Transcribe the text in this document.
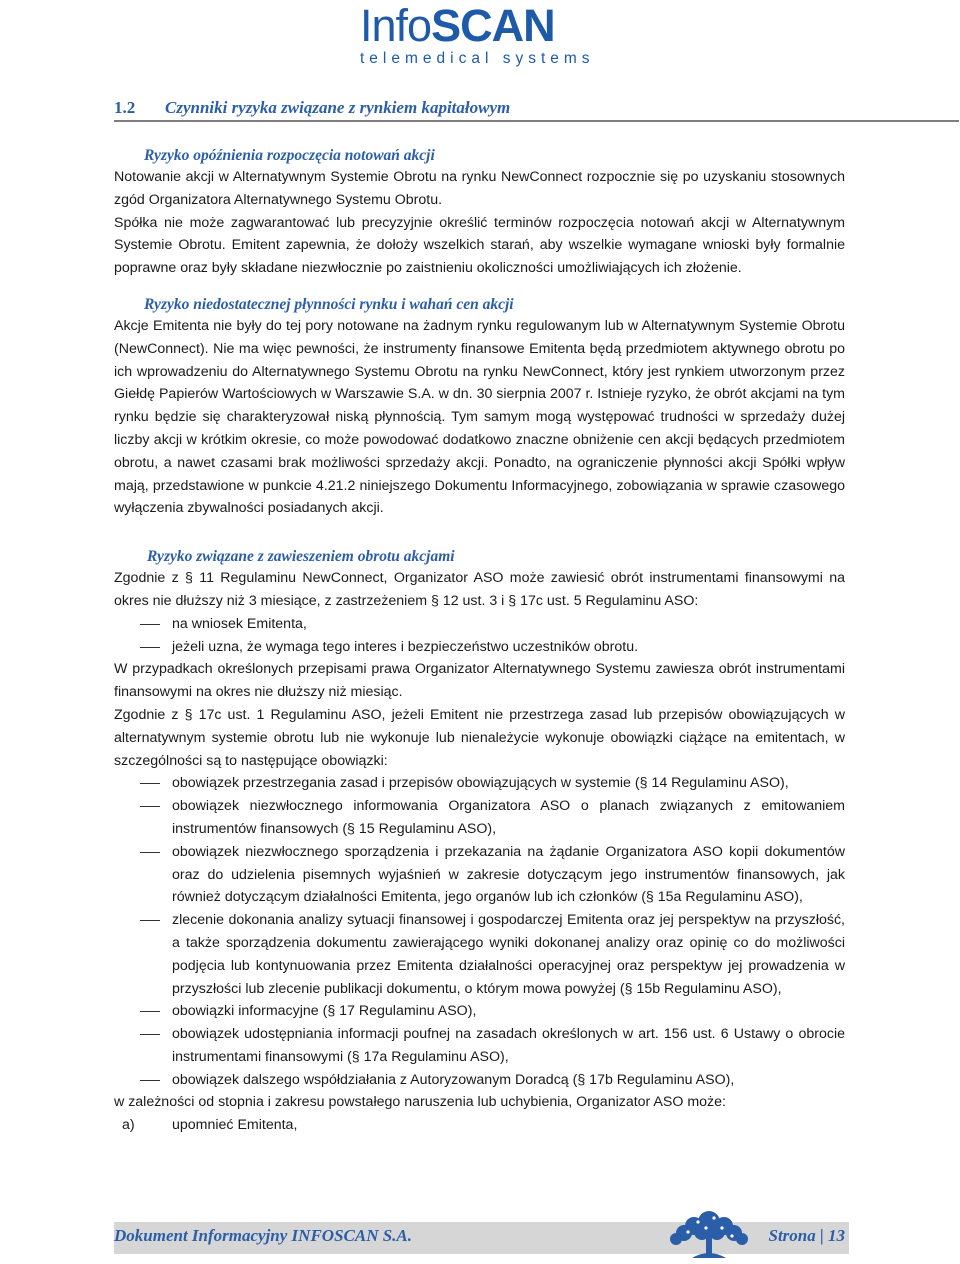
InfoSCAN
telemedical systems
1.2 Czynniki ryzyka związane z rynkiem kapitałowym
Ryzyko opóźnienia rozpoczęcia notowań akcji

Notowanie akcji w Alternatywnym Systemie Obrotu na rynku NewConnect rozpocznie się po uzyskaniu stosownych zgód Organizatora Alternatywnego Systemu Obrotu.

Spółka nie może zagwarantować lub precyzyjnie określić terminów rozpoczęcia notowań akcji w Alternatywnym Systemie Obrotu. Emitent zapewnia, że dołoży wszelkich starań, aby wszelkie wymagane wnioski były formalnie poprawne oraz były składane niezwłocznie po zaistnieniu okoliczności umożliwiających ich złożenie.

Ryzyko niedostatecznej płynności rynku i wahań cen akcji

Akcje Emitenta nie były do tej pory notowane na żadnym rynku regulowanym lub w Alternatywnym Systemie Obrotu (NewConnect). Nie ma więc pewności, że instrumenty finansowe Emitenta będą przedmiotem aktywnego obrotu po ich wprowadzeniu do Alternatywnego Systemu Obrotu na rynku NewConnect, który jest rynkiem utworzonym przez Giełdę Papierów Wartościowych w Warszawie S.A. w dn. 30 sierpnia 2007 r. Istnieje ryzyko, że obrót akcjami na tym rynku będzie się charakteryzował niską płynnością. Tym samym mogą występować trudności w sprzedaży dużej liczby akcji w krótkim okresie, co może powodować dodatkowo znaczne obniżenie cen akcji będących przedmiotem obrotu, a nawet czasami brak możliwości sprzedaży akcji. Ponadto, na ograniczenie płynności akcji Spółki wpływ mają, przedstawione w punkcie 4.21.2 niniejszego Dokumentu Informacyjnego, zobowiązania w sprawie czasowego wyłączenia zbywalności posiadanych akcji.

Ryzyko związane z zawieszeniem obrotu akcjami

Zgodnie z § 11 Regulaminu NewConnect, Organizator ASO może zawiesić obrót instrumentami finansowymi na okres nie dłuższy niż 3 miesiące, z zastrzeżeniem § 12 ust. 3 i § 17c ust. 5 Regulaminu ASO:

na wniosek Emitenta,
jeżeli uzna, że wymaga tego interes i bezpieczeństwo uczestników obrotu.

W przypadkach określonych przepisami prawa Organizator Alternatywnego Systemu zawiesza obrót instrumentami finansowymi na okres nie dłuższy niż miesiąc.

Zgodnie z § 17c ust. 1 Regulaminu ASO, jeżeli Emitent nie przestrzega zasad lub przepisów obowiązujących w alternatywnym systemie obrotu lub nie wykonuje lub nienależycie wykonuje obowiązki ciążące na emitentach, w szczególności są to następujące obowiązki:

obowiązek przestrzegania zasad i przepisów obowiązujących w systemie (§ 14 Regulaminu ASO),
obowiązek niezwłocznego informowania Organizatora ASO o planach związanych z emitowaniem instrumentów finansowych (§ 15 Regulaminu ASO),
obowiązek niezwłocznego sporządzenia i przekazania na żądanie Organizatora ASO kopii dokumentów oraz do udzielenia pisemnych wyjaśnień w zakresie dotyczącym jego instrumentów finansowych, jak również dotyczącym działalności Emitenta, jego organów lub ich członków (§ 15a Regulaminu ASO),
zlecenie dokonania analizy sytuacji finansowej i gospodarczej Emitenta oraz jej perspektyw na przyszłość, a także sporządzenia dokumentu zawierającego wyniki dokonanej analizy oraz opinię co do możliwości podjęcia lub kontynuowania przez Emitenta działalności operacyjnej oraz perspektyw jej prowadzenia w przyszłości lub zlecenie publikacji dokumentu, o którym mowa powyżej (§ 15b Regulaminu ASO),
obowiązki informacyjne (§ 17 Regulaminu ASO),
obowiązek udostępniania informacji poufnej na zasadach określonych w art. 156 ust. 6 Ustawy o obrocie instrumentami finansowymi (§ 17a Regulaminu ASO),
obowiązek dalszego współdziałania z Autoryzowanym Doradcą (§ 17b Regulaminu ASO),

w zależności od stopnia i zakresu powstałego naruszenia lub uchybienia, Organizator ASO może:

a)	upomnieć Emitenta,
Dokument Informacyjny INFOSCAN S.A.	Strona | 13
